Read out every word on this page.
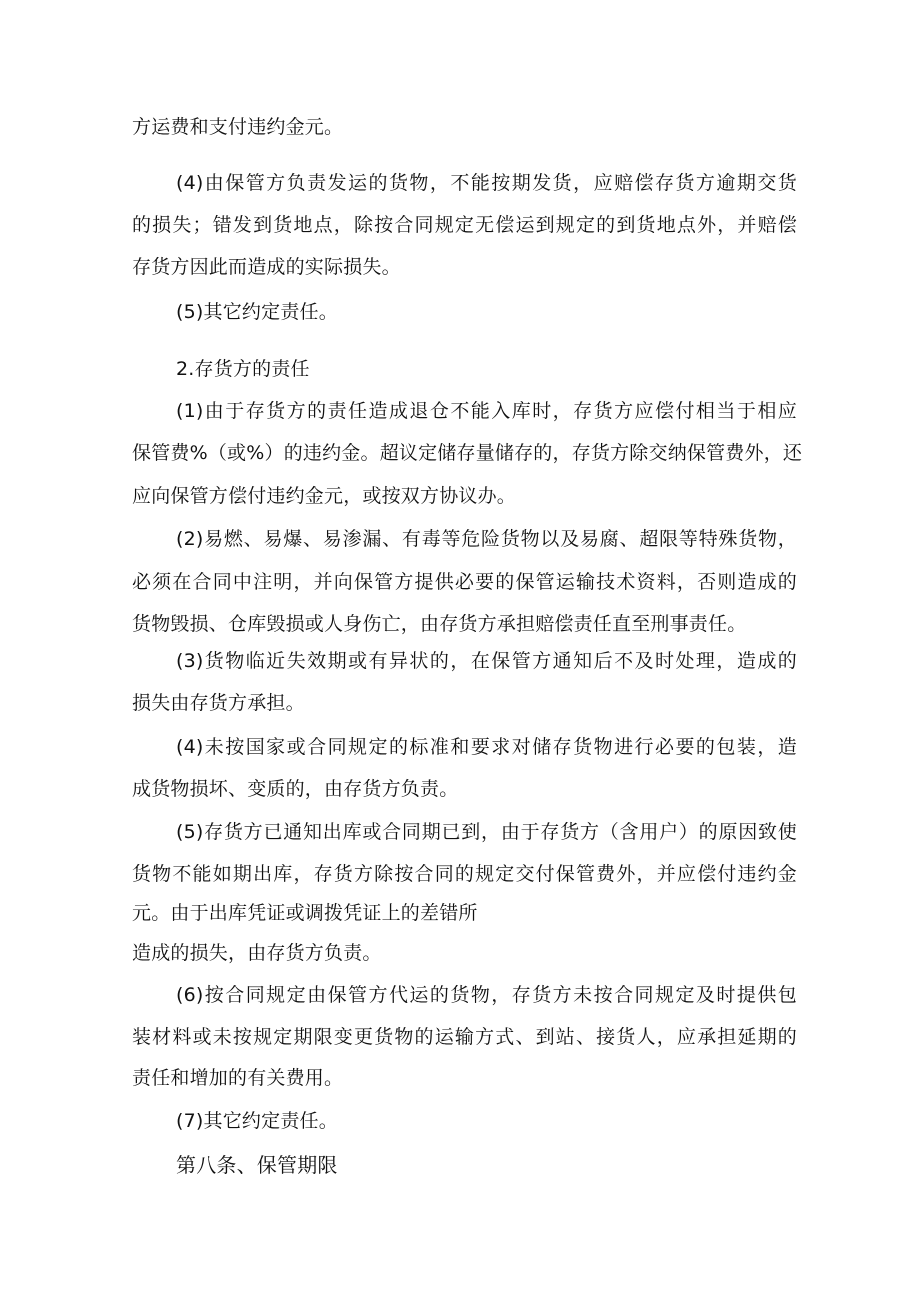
方运费和支付违约金元。
(4)由保管方负责发运的货物，不能按期发货，应赔偿存货方逾期交货
的损失；错发到货地点，除按合同规定无偿运到规定的到货地点外，并赔偿
存货方因此而造成的实际损失。
(5)其它约定责任。
2.存货方的责任
(1)由于存货方的责任造成退仓不能入库时，存货方应偿付相当于相应
保管费%（或%）的违约金。超议定储存量储存的，存货方除交纳保管费外，还
应向保管方偿付违约金元，或按双方协议办。
(2)易燃、易爆、易渗漏、有毒等危险货物以及易腐、超限等特殊货物，
必须在合同中注明，并向保管方提供必要的保管运输技术资料，否则造成的
货物毁损、仓库毁损或人身伤亡，由存货方承担赔偿责任直至刑事责任。
(3)货物临近失效期或有异状的，在保管方通知后不及时处理，造成的
损失由存货方承担。
(4)未按国家或合同规定的标准和要求对储存货物进行必要的包装，造
成货物损坏、变质的，由存货方负责。
(5)存货方已通知出库或合同期已到，由于存货方（含用户）的原因致使
货物不能如期出库，存货方除按合同的规定交付保管费外，并应偿付违约金
元。由于出库凭证或调拨凭证上的差错所
造成的损失，由存货方负责。
(6)按合同规定由保管方代运的货物，存货方未按合同规定及时提供包
装材料或未按规定期限变更货物的运输方式、到站、接货人，应承担延期的
责任和增加的有关费用。
(7)其它约定责任。
第八条、保管期限
